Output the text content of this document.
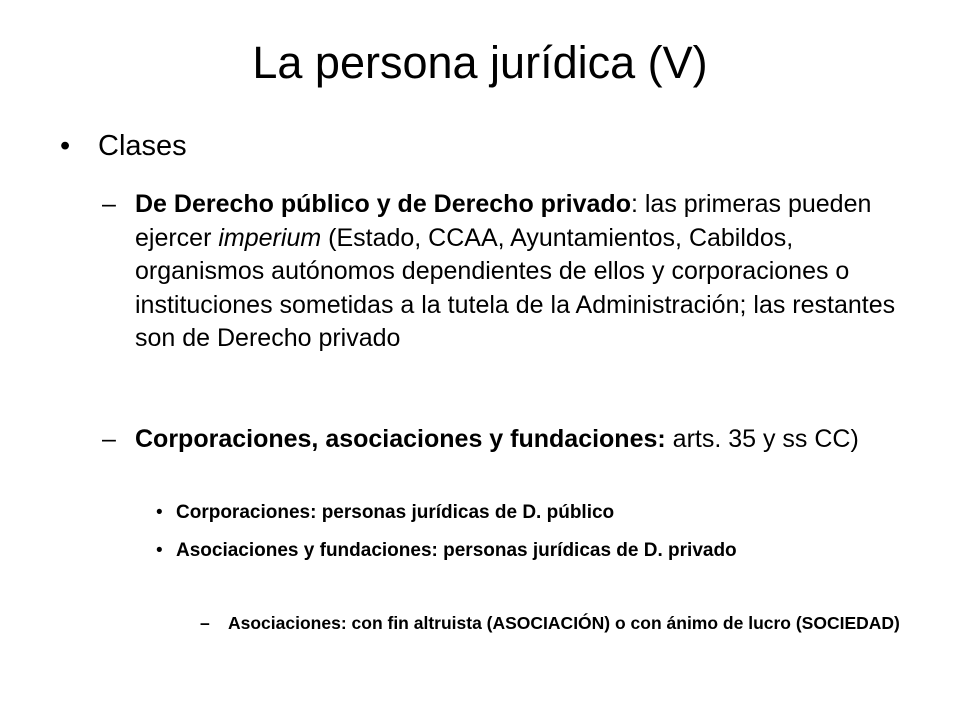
La persona jurídica (V)
• Clases
– De Derecho público y de Derecho privado: las primeras pueden ejercer imperium (Estado, CCAA, Ayuntamientos, Cabildos, organismos autónomos dependientes de ellos y corporaciones o instituciones sometidas a la tutela de la Administración; las restantes son de Derecho privado
– Corporaciones, asociaciones y fundaciones: arts. 35 y ss CC)
• Corporaciones: personas jurídicas de D. público
• Asociaciones y fundaciones: personas jurídicas de D. privado
–	Asociaciones: con fin altruista (ASOCIACIÓN) o con ánimo de lucro (SOCIEDAD)
